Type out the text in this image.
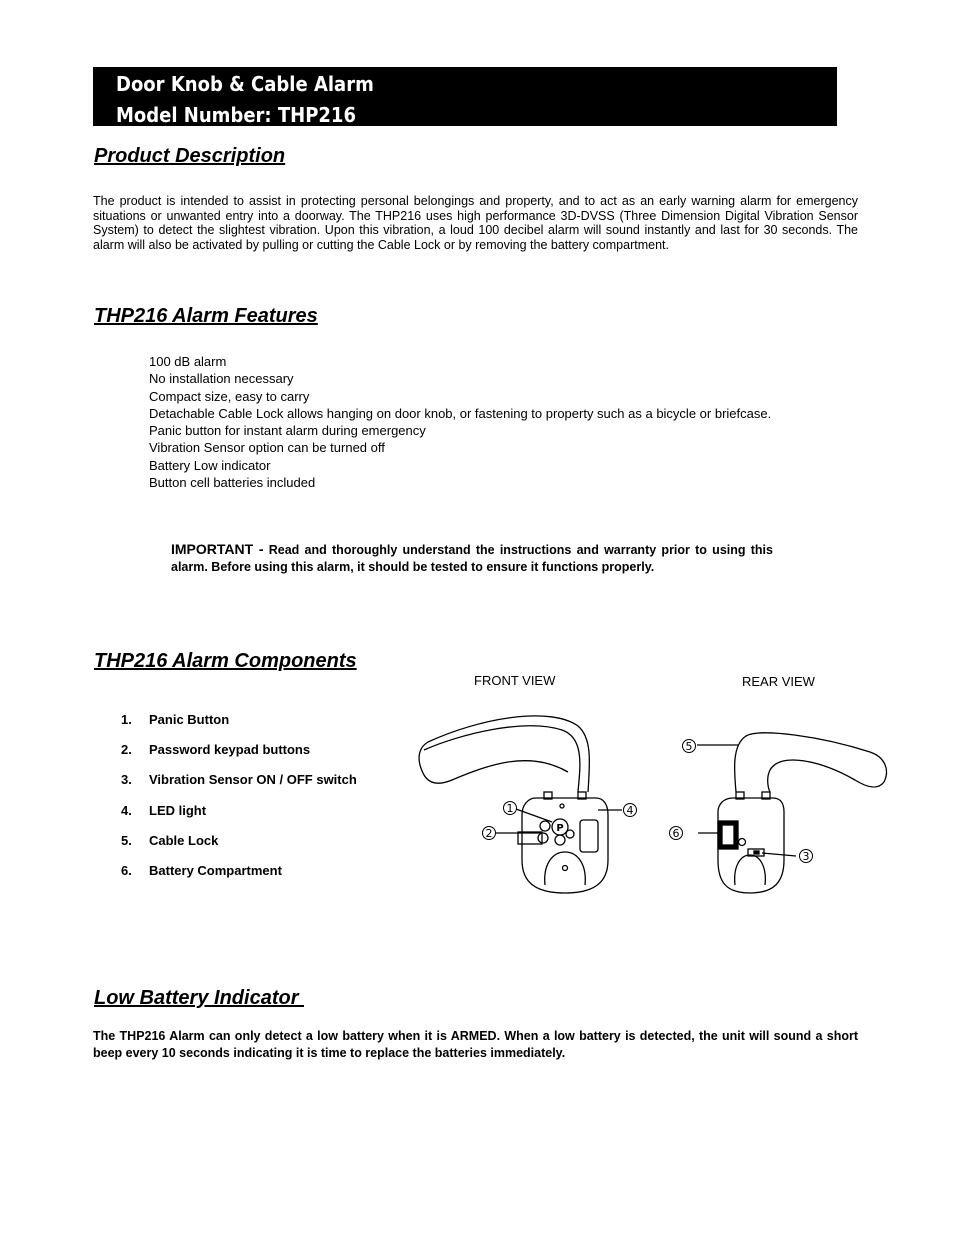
Door Knob & Cable Alarm
Model Number: THP216
Product Description

The product is intended to assist in protecting personal belongings and property, and to act as an early warning alarm for emergency situations or unwanted entry into a doorway. The THP216 uses high performance 3D-DVSS (Three Dimension Digital Vibration Sensor System) to detect the slightest vibration. Upon this vibration, a loud 100 decibel alarm will sound instantly and last for 30 seconds. The alarm will also be activated by pulling or cutting the Cable Lock or by removing the battery compartment.

THP216 Alarm Features
100 dB alarm
No installation necessary
Compact size, easy to carry
Detachable Cable Lock allows hanging on door knob, or fastening to property such as a bicycle or briefcase.
Panic button for instant alarm during emergency
Vibration Sensor option can be turned off
Battery Low indicator
Button cell batteries included

IMPORTANT - Read and thoroughly understand the instructions and warranty prior to using this alarm. Before using this alarm, it should be tested to ensure it functions properly.

THP216 Alarm Components
FRONT VIEW	REAR VIEW
1. Panic Button
2. Password keypad buttons
3. Vibration Sensor ON / OFF switch
4. LED light
5. Cable Lock
6. Battery Compartment
P
1
2
4
5
6
3
Low Battery Indicator

The THP216 Alarm can only detect a low battery when it is ARMED. When a low battery is detected, the unit will sound a short beep every 10 seconds indicating it is time to replace the batteries immediately.
